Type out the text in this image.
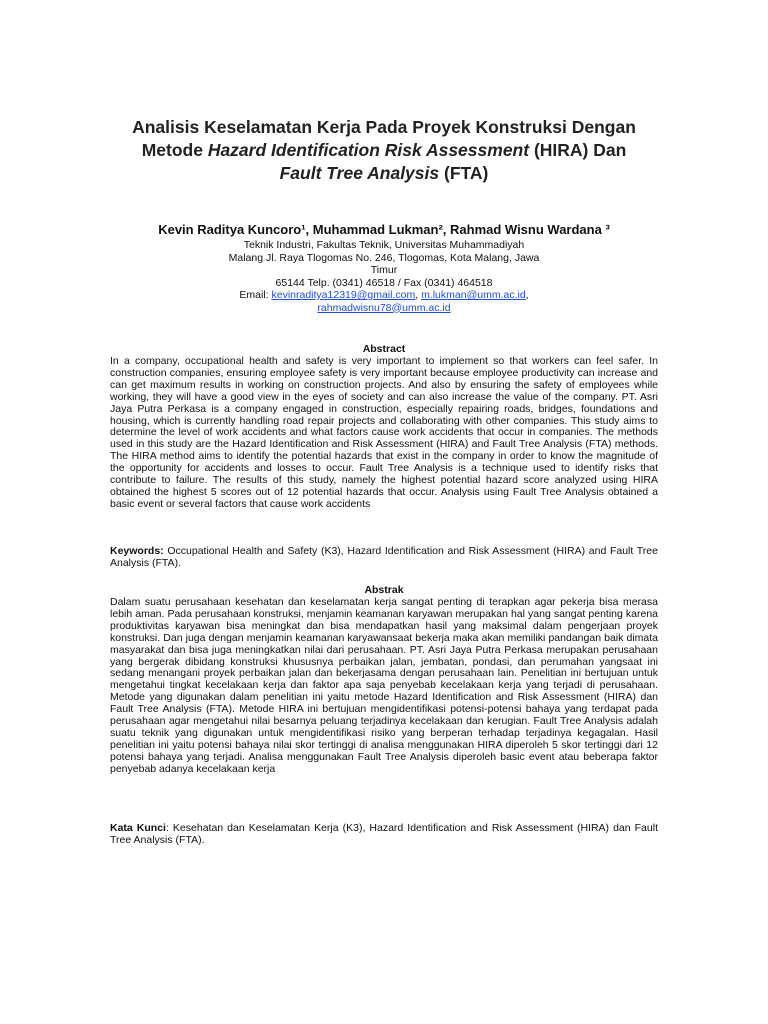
Analisis Keselamatan Kerja Pada Proyek Konstruksi Dengan
Metode Hazard Identification Risk Assessment (HIRA) Dan
Fault Tree Analysis (FTA)
Kevin Raditya Kuncoro¹, Muhammad Lukman², Rahmad Wisnu Wardana ³
Teknik Industri, Fakultas Teknik, Universitas Muhammadiyah
Malang Jl. Raya Tlogomas No. 246, Tlogomas, Kota Malang, Jawa
Timur
65144 Telp. (0341) 46518 / Fax (0341) 464518
Email: kevinraditya12319@gmail.com, m.lukman@umm.ac.id,
rahmadwisnu78@umm.ac.id
Abstract
In a company, occupational health and safety is very important to implement so that workers can feel safer. In construction companies, ensuring employee safety is very important because employee productivity can increase and can get maximum results in working on construction projects. And also by ensuring the safety of employees while working, they will have a good view in the eyes of society and can also increase the value of the company. PT. Asri Jaya Putra Perkasa is a company engaged in construction, especially repairing roads, bridges, foundations and housing, which is currently handling road repair projects and collaborating with other companies. This study aims to determine the level of work accidents and what factors cause work accidents that occur in companies. The methods used in this study are the Hazard Identification and Risk Assessment (HIRA) and Fault Tree Analysis (FTA) methods. The HIRA method aims to identify the potential hazards that exist in the company in order to know the magnitude of the opportunity for accidents and losses to occur. Fault Tree Analysis is a technique used to identify risks that contribute to failure. The results of this study, namely the highest potential hazard score analyzed using HIRA obtained the highest 5 scores out of 12 potential hazards that occur. Analysis using Fault Tree Analysis obtained a basic event or several factors that cause work accidents
Keywords: Occupational Health and Safety (K3), Hazard Identification and Risk Assessment (HIRA) and Fault Tree Analysis (FTA).
Abstrak
Dalam suatu perusahaan kesehatan dan keselamatan kerja sangat penting di terapkan agar pekerja bisa merasa lebih aman. Pada perusahaan konstruksi, menjamin keamanan karyawan merupakan hal yang sangat penting karena produktivitas karyawan bisa meningkat dan bisa mendapatkan hasil yang maksimal dalam pengerjaan proyek konstruksi. Dan juga dengan menjamin keamanan karyawansaat bekerja maka akan memiliki pandangan baik dimata masyarakat dan bisa juga meningkatkan nilai dari perusahaan. PT. Asri Jaya Putra Perkasa merupakan perusahaan yang bergerak dibidang konstruksi khususnya perbaikan jalan, jembatan, pondasi, dan perumahan yangsaat ini sedang menangani proyek perbaikan jalan dan bekerjasama dengan perusahaan lain. Penelitian ini bertujuan untuk mengetahui tingkat kecelakaan kerja dan faktor apa saja penyebab kecelakaan kerja yang terjadi di perusahaan. Metode yang digunakan dalam penelitian ini yaitu metode Hazard Identification and Risk Assessment (HIRA) dan Fault Tree Analysis (FTA). Metode HIRA ini bertujuan mengidentifikasi potensi-potensi bahaya yang terdapat pada perusahaan agar mengetahui nilai besarnya peluang terjadinya kecelakaan dan kerugian. Fault Tree Analysis adalah suatu teknik yang digunakan untuk mengidentifikasi risiko yang berperan terhadap terjadinya kegagalan. Hasil penelitian ini yaitu potensi bahaya nilai skor tertinggi di analisa menggunakan HIRA diperoleh 5 skor tertinggi dari 12 potensi bahaya yang terjadi. Analisa menggunakan Fault Tree Analysis diperoleh basic event atau beberapa faktor penyebab adanya kecelakaan kerja
Kata Kunci: Kesehatan dan Keselamatan Kerja (K3), Hazard Identification and Risk Assessment (HIRA) dan Fault Tree Analysis (FTA).
